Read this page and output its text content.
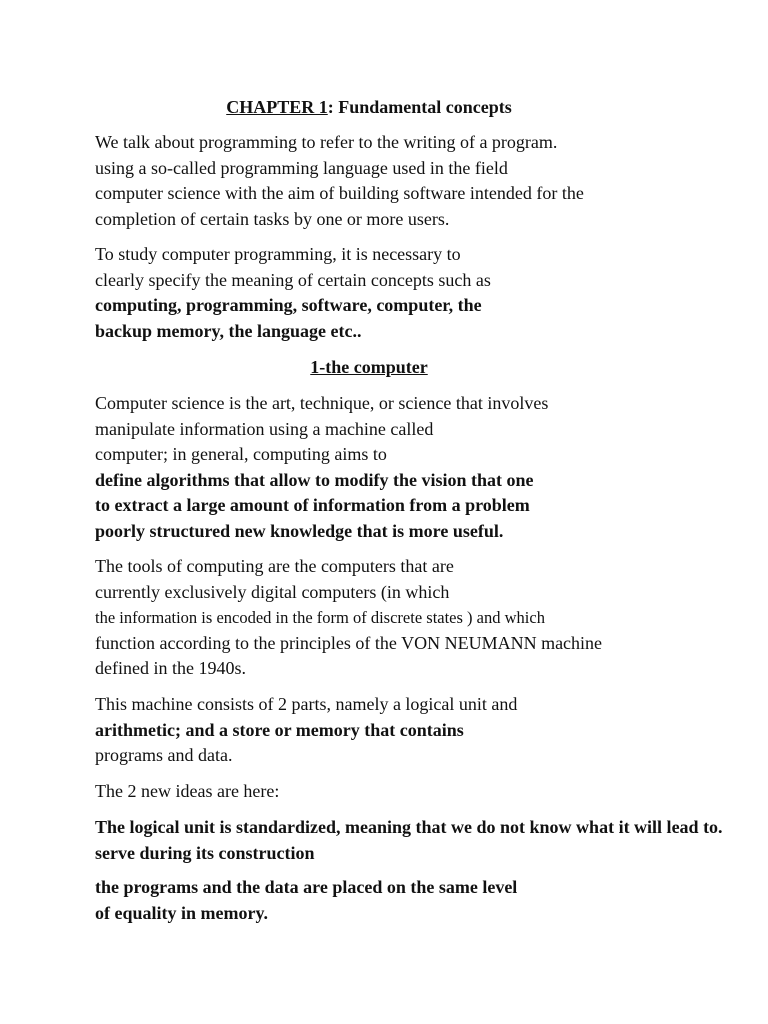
CHAPTER 1: Fundamental concepts

We talk about programming to refer to the writing of a program.
using a so-called programming language used in the field
computer science with the aim of building software intended for the
completion of certain tasks by one or more users.

To study computer programming, it is necessary to
clearly specify the meaning of certain concepts such as
computing, programming, software, computer, the
backup memory, the language etc..

1-the computer

Computer science is the art, technique, or science that involves
manipulate information using a machine called
computer; in general, computing aims to
define algorithms that allow to modify the vision that one
to extract a large amount of information from a problem
poorly structured new knowledge that is more useful.

The tools of computing are the computers that are
currently exclusively digital computers (in which
the information is encoded in the form of discrete states ) and which
function according to the principles of the VON NEUMANN machine
defined in the 1940s.

This machine consists of 2 parts, namely a logical unit and
arithmetic; and a store or memory that contains
programs and data.

The 2 new ideas are here:

The logical unit is standardized, meaning that we do not know what it will lead to.
serve during its construction

the programs and the data are placed on the same level
of equality in memory.
